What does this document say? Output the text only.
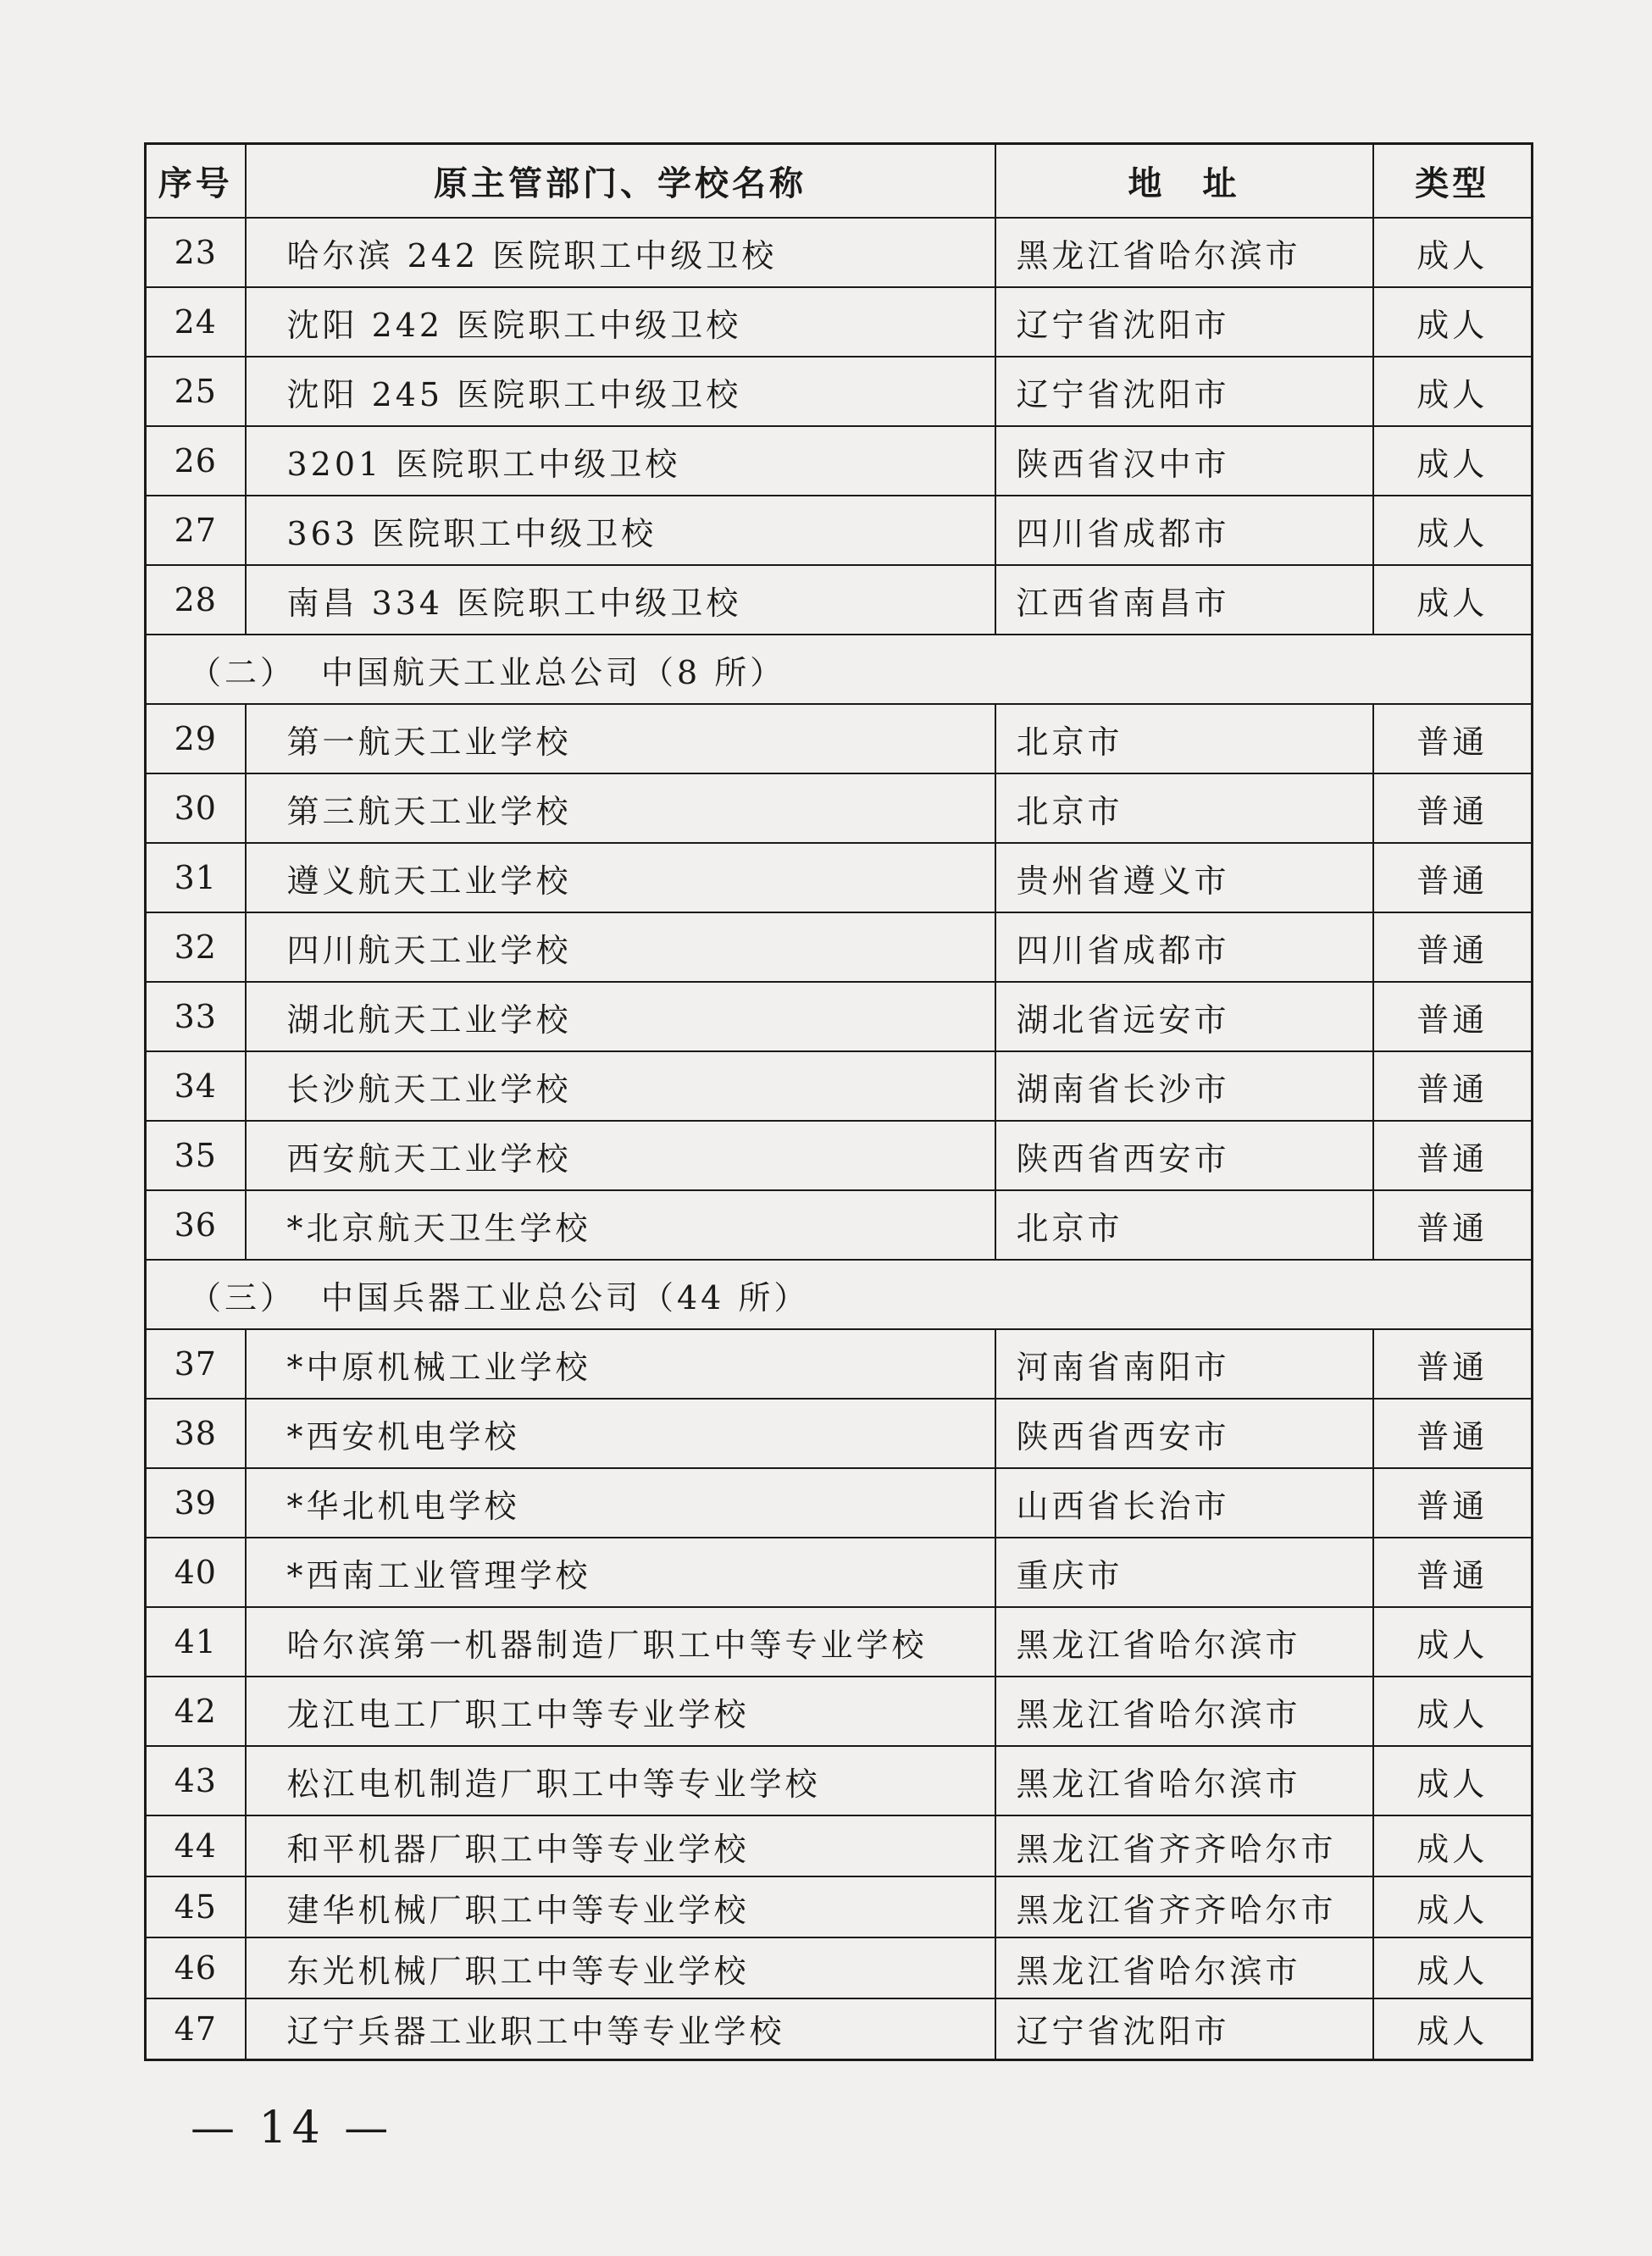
序号	原主管部门、学校名称	地　址	类型
23	哈尔滨 242 医院职工中级卫校	黑龙江省哈尔滨市	成人
24	沈阳 242 医院职工中级卫校	辽宁省沈阳市	成人
25	沈阳 245 医院职工中级卫校	辽宁省沈阳市	成人
26	3201 医院职工中级卫校	陕西省汉中市	成人
27	363 医院职工中级卫校	四川省成都市	成人
28	南昌 334 医院职工中级卫校	江西省南昌市	成人
（二） 中国航天工业总公司（8 所）			
29	第一航天工业学校	北京市	普通
30	第三航天工业学校	北京市	普通
31	遵义航天工业学校	贵州省遵义市	普通
32	四川航天工业学校	四川省成都市	普通
33	湖北航天工业学校	湖北省远安市	普通
34	长沙航天工业学校	湖南省长沙市	普通
35	西安航天工业学校	陕西省西安市	普通
36	*北京航天卫生学校	北京市	普通
（三） 中国兵器工业总公司（44 所）			
37	*中原机械工业学校	河南省南阳市	普通
38	*西安机电学校	陕西省西安市	普通
39	*华北机电学校	山西省长治市	普通
40	*西南工业管理学校	重庆市	普通
41	哈尔滨第一机器制造厂职工中等专业学校	黑龙江省哈尔滨市	成人
42	龙江电工厂职工中等专业学校	黑龙江省哈尔滨市	成人
43	松江电机制造厂职工中等专业学校	黑龙江省哈尔滨市	成人
44	和平机器厂职工中等专业学校	黑龙江省齐齐哈尔市	成人
45	建华机械厂职工中等专业学校	黑龙江省齐齐哈尔市	成人
46	东光机械厂职工中等专业学校	黑龙江省哈尔滨市	成人
47	辽宁兵器工业职工中等专业学校	辽宁省沈阳市	成人
— 14 —
